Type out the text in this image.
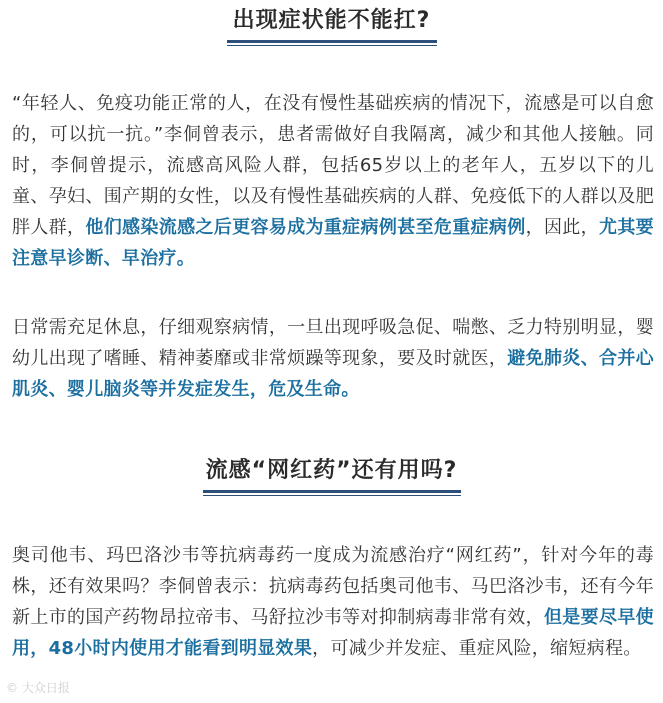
出现症状能不能扛?

“年轻人、免疫功能正常的人，在没有慢性基础疾病的情况下，流感是可以自愈的，可以抗一抗。”李侗曾表示，患者需做好自我隔离，减少和其他人接触。同时，李侗曾提示，流感高风险人群，包括65岁以上的老年人，五岁以下的儿童、孕妇、围产期的女性，以及有慢性基础疾病的人群、免疫低下的人群以及肥胖人群，他们感染流感之后更容易成为重症病例甚至危重症病例，因此，尤其要注意早诊断、早治疗。

日常需充足休息，仔细观察病情，一旦出现呼吸急促、喘憋、乏力特别明显，婴幼儿出现了嗜睡、精神萎靡或非常烦躁等现象，要及时就医，避免肺炎、合并心肌炎、婴儿脑炎等并发症发生，危及生命。

流感“网红药”还有用吗?

奥司他韦、玛巴洛沙韦等抗病毒药一度成为流感治疗“网红药”，针对今年的毒株，还有效果吗？李侗曾表示：抗病毒药包括奥司他韦、马巴洛沙韦，还有今年新上市的国产药物昂拉帝韦、马舒拉沙韦等对抑制病毒非常有效，但是要尽早使用，48小时内使用才能看到明显效果，可减少并发症、重症风险，缩短病程。

© 大众日报
